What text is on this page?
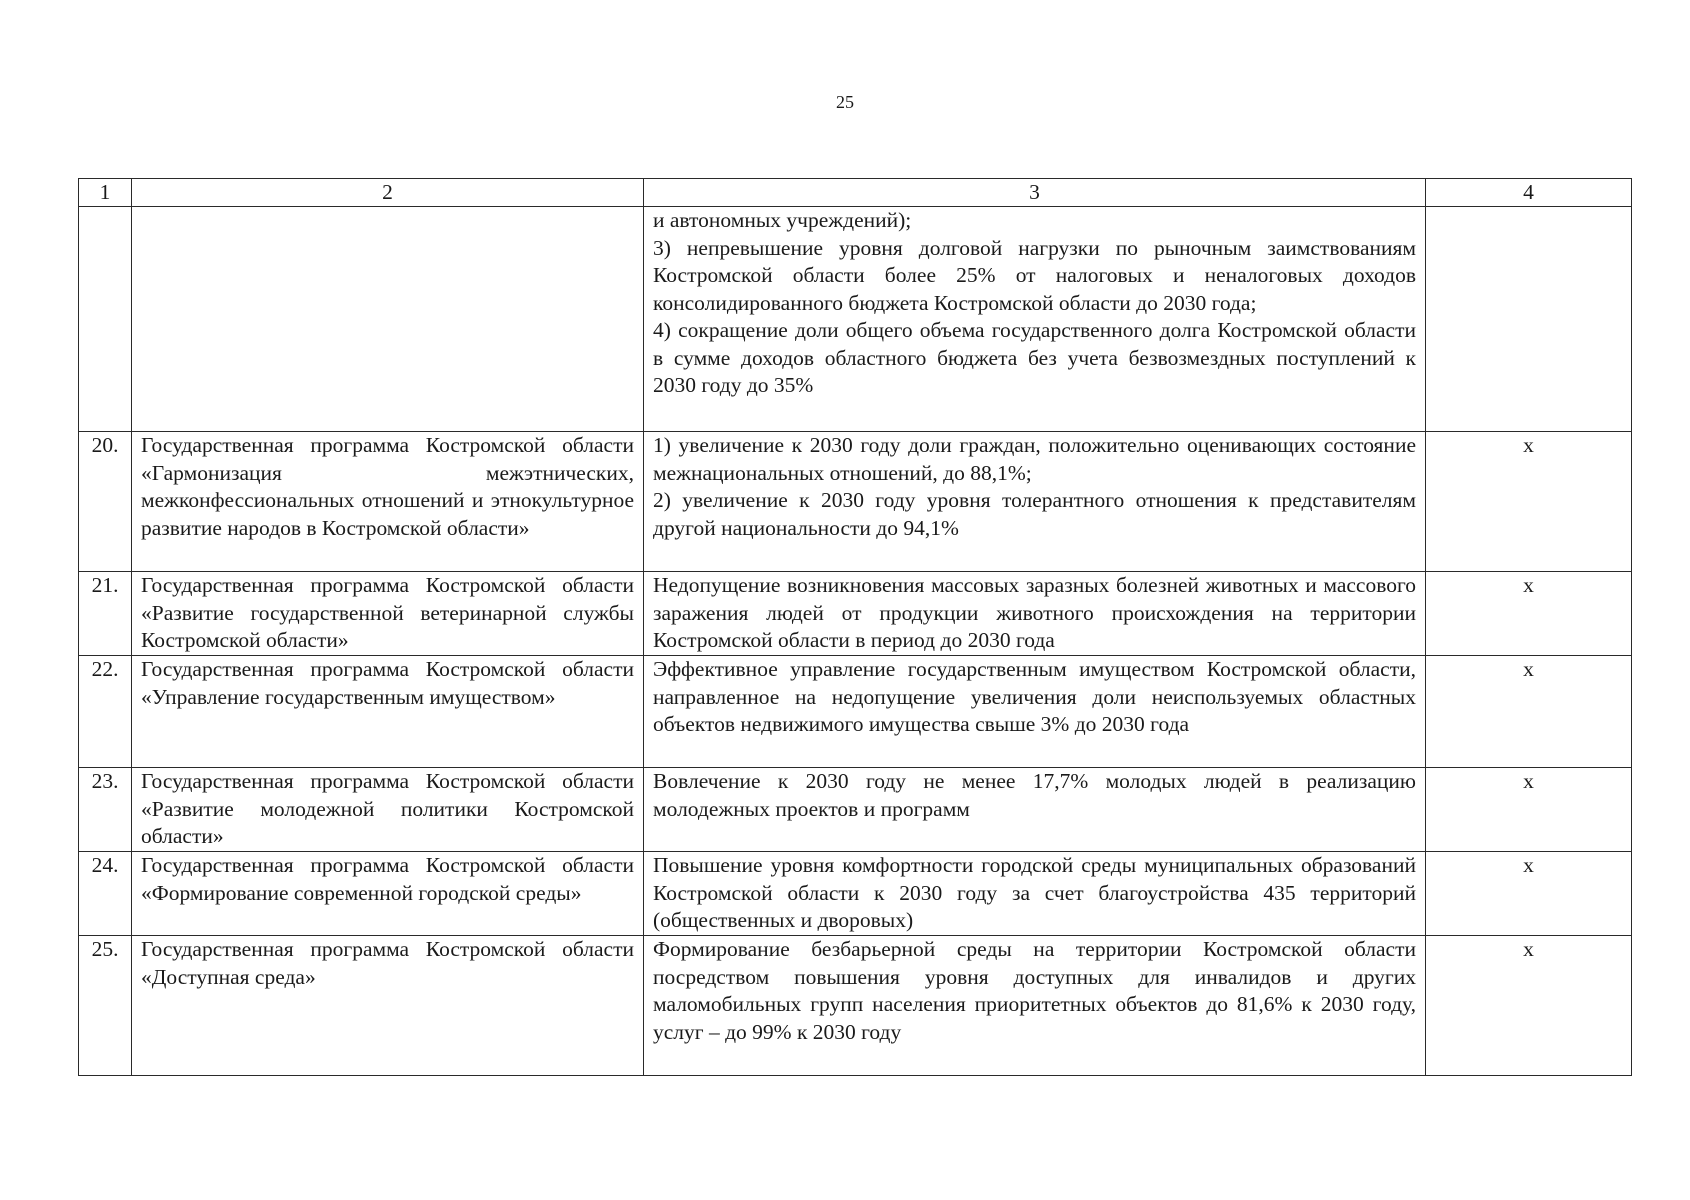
25
1	2	3	4

		и автономных учреждений);
3) непревышение уровня долговой нагрузки по рыночным заимствованиям Костромской области более 25% от налоговых и неналоговых доходов консолидированного бюджета Костромской области до 2030 года;
4) сокращение доли общего объема государственного долга Костромской области в сумме доходов областного бюджета без учета безвозмездных поступлений к 2030 году до 35%	

20.	Государственная программа Костромской области «Гармонизация межэтнических, межконфессиональных отношений и этнокультурное развитие народов в Костромской области»	1) увеличение к 2030 году доли граждан, положительно оценивающих состояние межнациональных отношений, до 88,1%;
2) увеличение к 2030 году уровня толерантного отношения к представителям другой национальности до 94,1%	х
21.	Государственная программа Костромской области «Развитие государственной ветеринарной службы Костромской области»	Недопущение возникновения массовых заразных болезней животных и массового заражения людей от продукции животного происхождения на территории Костромской области в период до 2030 года	х
22.	Государственная программа Костромской области «Управление государственным имуществом»	Эффективное управление государственным имуществом Костромской области, направленное на недопущение увеличения доли неиспользуемых областных объектов недвижимого имущества свыше 3% до 2030 года	х
23.	Государственная программа Костромской области «Развитие молодежной политики Костромской области»	Вовлечение к 2030 году не менее 17,7% молодых людей в реализацию молодежных проектов и программ	х
24.	Государственная программа Костромской области «Формирование современной городской среды»	Повышение уровня комфортности городской среды муниципальных образований Костромской области к 2030 году за счет благоустройства 435 территорий (общественных и дворовых)	х
25.	Государственная программа Костромской области «Доступная среда»	Формирование безбарьерной среды на территории Костромской области посредством повышения уровня доступных для инвалидов и других маломобильных групп населения приоритетных объектов до 81,6% к 2030 году, услуг – до 99% к 2030 году	х
